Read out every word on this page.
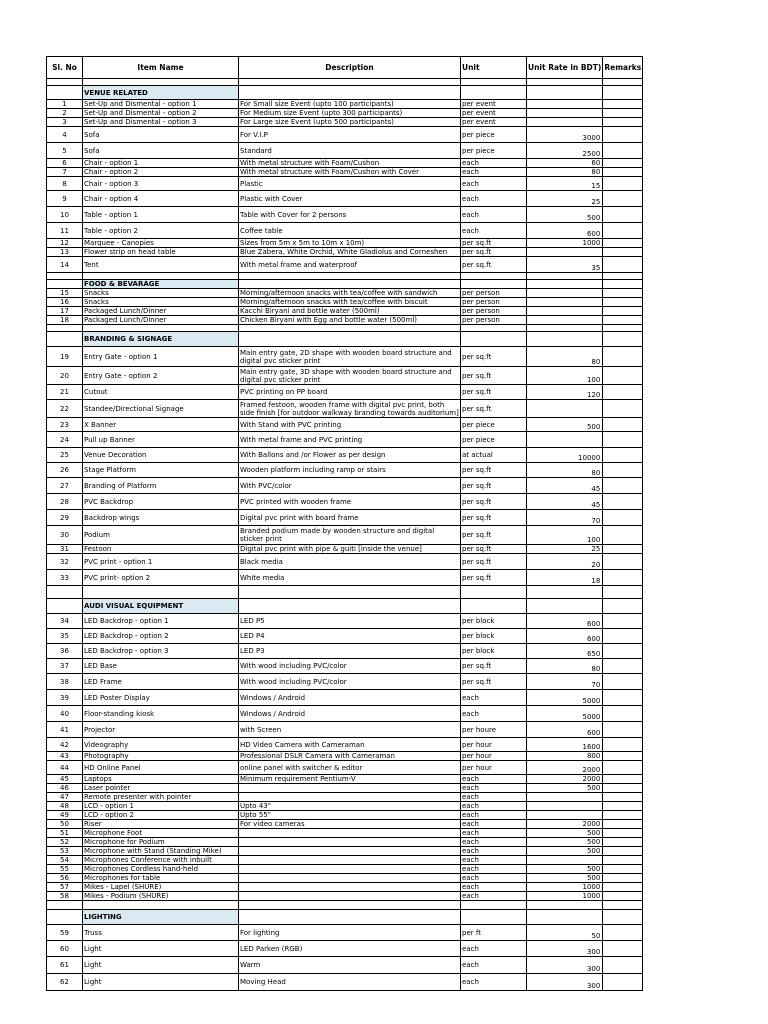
Sl. No	Item Name	Description	Unit	Unit Rate in BDT)	Remarks

	VENUE RELATED				
1	Set-Up and Dismental - option 1	For Small size Event (upto 100 participants)	per event		
2	Set-Up and Dismental - option 2	For Medium size Event (upto 300 participants)	per event		
3	Set-Up and Dismental - option 3	For Large size Event (upto 500 participants)	per event		
4	Sofa	For V.I.P	per piece	3000	
5	Sofa	Standard	per piece	2500	
6	Chair - option 1	With metal structure with Foam/Cushon	each	60	
7	Chair - option 2	With metal structure with Foam/Cushon with Cover	each	80	
8	Chair - option 3	Plastic	each	15	
9	Chair - option 4	Plastic with Cover	each	25	
10	Table - option 1	Table with Cover for 2 persons	each	500	
11	Table - option 2	Coffee table	each	600	
12	Marquee - Canopies	Sizes from 5m x 5m to 10m x 10m)	per sq.ft	1000	
13	Flower strip on head table	Blue Zabera, White Orchid, White Gladiolus and Corneshen	per sq.ft		
14	Tent	With metal frame and waterproof	per sq.ft	35	

	FOOD & BEVARAGE				
15	Snacks	Morning/afternoon snacks with tea/coffee with sandwich	per person		
16	Snacks	Morning/afternoon snacks with tea/coffee with biscuit	per person		
17	Packaged Lunch/Dinner	Kacchi Biryani and bottle water (500ml)	per person		
18	Packaged Lunch/Dinner	Chicken Biryani with Egg and bottle water (500ml)	per person		

	BRANDING & SIGNAGE				
19	Entry Gate - option 1	Main entry gate, 2D shape with wooden board structure and digital pvc sticker print	per sq.ft	80	
20	Entry Gate - option 2	Main entry gate, 3D shape with wooden board structure and digital pvc sticker print	per sq.ft	100	
21	Cutout	PVC printing on PP board	per sq.ft	120	
22	Standee/Directional Signage	Framed festoon, wooden frame with digital pvc print, both side finish [for outdoor walkway branding towards auditorium]	per sq.ft		
23	X Banner	With Stand with PVC printing	per piece	500	
24	Pull up Banner	With metal frame and PVC printing	per piece		
25	Venue Decoration	With Ballons and /or Flower as per design	at actual	10000	
26	Stage Platform	Wooden platform including ramp or stairs	per sq.ft	80	
27	Branding of Platform	With PVC/color	per sq.ft	45	
28	PVC Backdrop	PVC printed with wooden frame	per sq.ft	45	
29	Backdrop wings	Digital pvc print with board frame	per sq.ft	70	
30	Podium	Branded podium made by wooden structure and digital sticker print	per sq.ft	100	
31	Festoon	Digital pvc print with pipe & guiti [inside the venue]	per sq.ft	25	
32	PVC print - option 1	Black media	per sq.ft	20	
33	PVC print- option 2	White media	per sq.ft	18	

	AUDI VISUAL EQUIPMENT				
34	LED Backdrop - option 1	LED P5	per block	600	
35	LED Backdrop - option 2	LED P4	per block	600	
36	LED Backdrop - option 3	LED P3	per block	650	
37	LED Base	With wood including PVC/color	per sq.ft	80	
38	LED Frame	With wood including PVC/color	per sq.ft	70	
39	LED Poster Display	Windows / Android	each	5000	
40	Floor-standing kiosk	Windows / Android	each	5000	
41	Projector	with Screen	per houre	600	
42	Videography	HD Video Camera with Cameraman	per hour	1600	
43	Photography	Professional DSLR Camera with Cameraman	per hour	800	
44	HD Online Panel	online panel with switcher & editor	per hour	2000	
45	Laptops	Minimum requirement Pentium-V	each	2000	
46	Laser pointer		each	500	
47	Remote presenter with pointer		each		
48	LCD - option 1	Upto 43"	each		
49	LCD - option 2	Upto 55"	each		
50	Riser	For video cameras	each	2000	
51	Microphone Foot		each	500	
52	Microphone for Podium		each	500	
53	Microphone with Stand (Standing Mike)		each	500	
54	Microphones Conference with inbuilt		each		
55	Microphones Cordless hand-held		each	500	
56	Microphones for table		each	500	
57	Mikes - Lapel (SHURE)		each	1000	
58	Mikes - Podium (SHURE)		each	1000	

	LIGHTING				
59	Truss	For lighting	per ft	50	
60	Light	LED Parken (RGB)	each	300	
61	Light	Warm	each	300	
62	Light	Moving Head	each	300	
